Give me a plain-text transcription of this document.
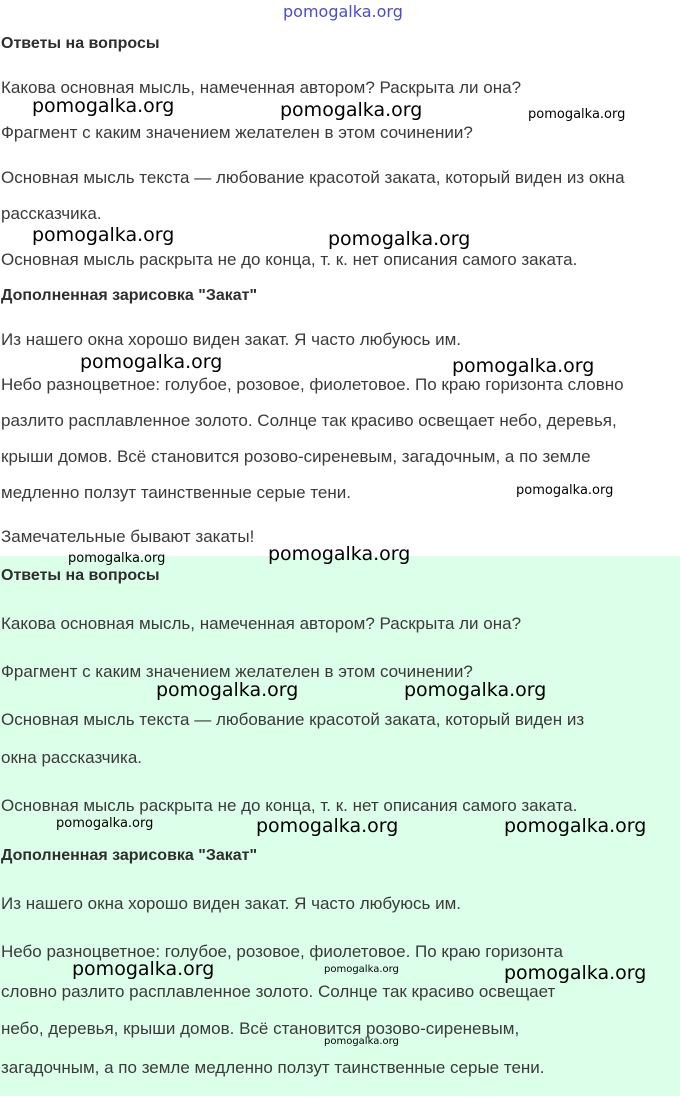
Ответы на вопросы
Какова основная мысль, намеченная автором? Раскрыта ли она?
Фрагмент с каким значением желателен в этом сочинении?
Основная мысль текста — любование красотой заката, который виден из окна
рассказчика.
Основная мысль раскрыта не до конца, т. к. нет описания самого заката.
Дополненная зарисовка "Закат"
Из нашего окна хорошо виден закат. Я часто любуюсь им.
Небо разноцветное: голубое, розовое, фиолетовое. По краю горизонта словно
разлито расплавленное золото. Солнце так красиво освещает небо, деревья,
крыши домов. Всё становится розово-сиреневым, загадочным, а по земле
медленно ползут таинственные серые тени.
Замечательные бывают закаты!
Ответы на вопросы
Какова основная мысль, намеченная автором? Раскрыта ли она?
Фрагмент с каким значением желателен в этом сочинении?
Основная мысль текста — любование красотой заката, который виден из
окна рассказчика.
Основная мысль раскрыта не до конца, т. к. нет описания самого заката.
Дополненная зарисовка "Закат"
Из нашего окна хорошо виден закат. Я часто любуюсь им.
Небо разноцветное: голубое, розовое, фиолетовое. По краю горизонта
словно разлито расплавленное золото. Солнце так красиво освещает
небо, деревья, крыши домов. Всё становится розово-сиреневым,
загадочным, а по земле медленно ползут таинственные серые тени.
pomogalka.org
pomogalka.org	pomogalka.org	pomogalka.org
pomogalka.org	pomogalka.org
pomogalka.org	pomogalka.org
pomogalka.org
pomogalka.org	pomogalka.org
pomogalka.org	pomogalka.org
pomogalka.org	pomogalka.org	pomogalka.org
pomogalka.org	pomogalka.org	pomogalka.org
pomogalka.org
